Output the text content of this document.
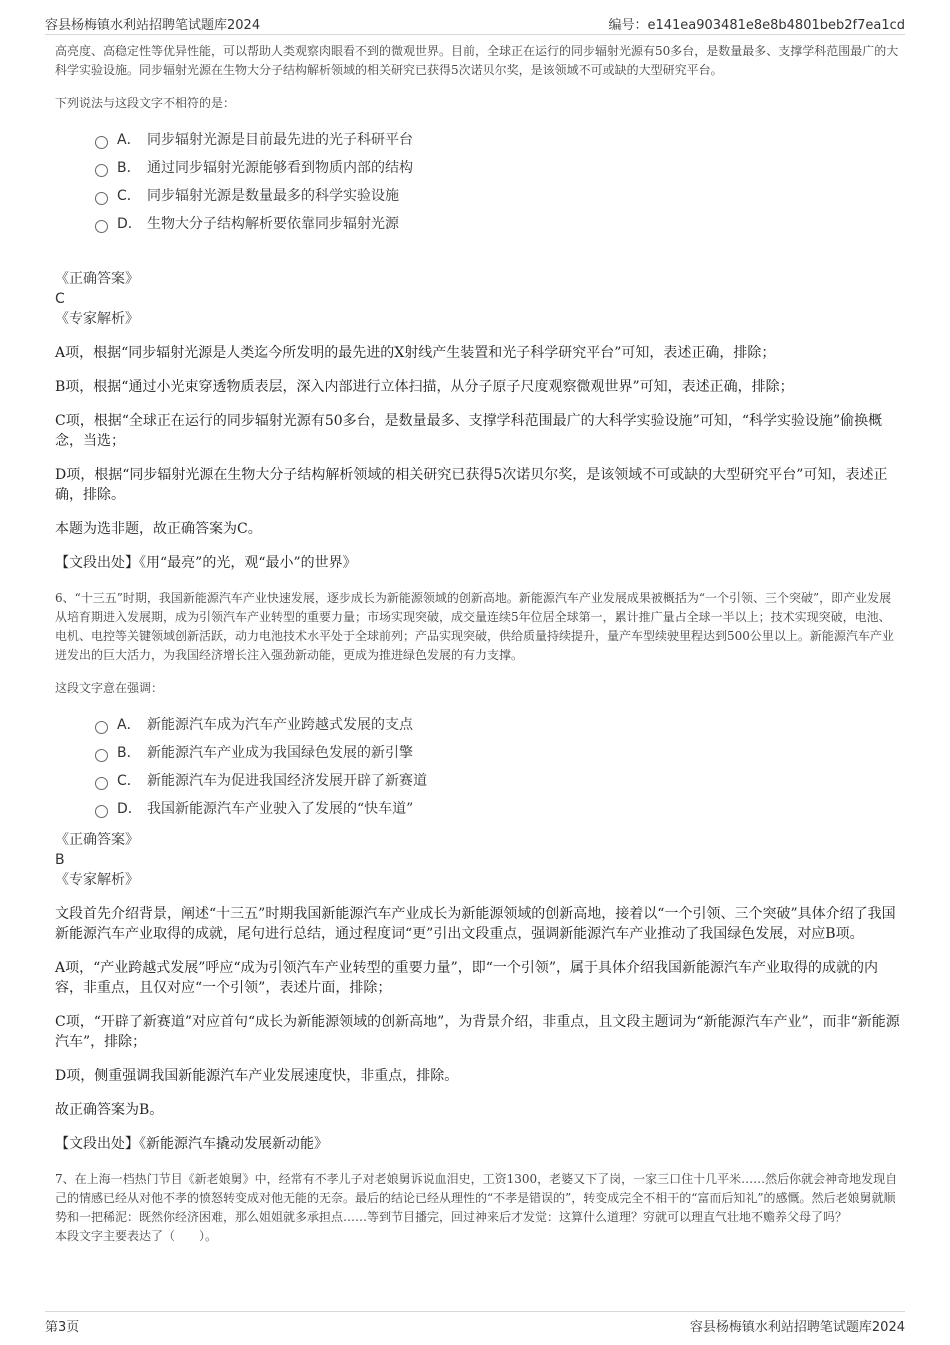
容县杨梅镇水利站招聘笔试题库2024	编号：e141ea903481e8e8b4801beb2f7ea1cd

高亮度、高稳定性等优异性能，可以帮助人类观察肉眼看不到的微观世界。目前，全球正在运行的同步辐射光源有50多台，是数量最多、支撑学科范围最广的大科学实验设施。同步辐射光源在生物大分子结构解析领域的相关研究已获得5次诺贝尔奖，是该领域不可或缺的大型研究平台。

下列说法与这段文字不相符的是：

A． 同步辐射光源是目前最先进的光子科研平台
B． 通过同步辐射光源能够看到物质内部的结构
C． 同步辐射光源是数量最多的科学实验设施
D． 生物大分子结构解析要依靠同步辐射光源

《正确答案》

C

《专家解析》

A项，根据“同步辐射光源是人类迄今所发明的最先进的X射线产生装置和光子科学研究平台”可知，表述正确，排除；

B项，根据“通过小光束穿透物质表层，深入内部进行立体扫描，从分子原子尺度观察微观世界”可知，表述正确，排除；

C项，根据“全球正在运行的同步辐射光源有50多台，是数量最多、支撑学科范围最广的大科学实验设施”可知，“科学实验设施”偷换概念，当选；

D项，根据“同步辐射光源在生物大分子结构解析领域的相关研究已获得5次诺贝尔奖，是该领域不可或缺的大型研究平台”可知，表述正确，排除。

本题为选非题，故正确答案为C。

【文段出处】《用“最亮”的光，观“最小”的世界》

6、“十三五”时期，我国新能源汽车产业快速发展，逐步成长为新能源领域的创新高地。新能源汽车产业发展成果被概括为“一个引领、三个突破”，即产业发展从培育期进入发展期，成为引领汽车产业转型的重要力量；市场实现突破，成交量连续5年位居全球第一，累计推广量占全球一半以上；技术实现突破，电池、电机、电控等关键领域创新活跃，动力电池技术水平处于全球前列；产品实现突破，供给质量持续提升，量产车型续驶里程达到500公里以上。新能源汽车产业迸发出的巨大活力，为我国经济增长注入强劲新动能，更成为推进绿色发展的有力支撑。

这段文字意在强调：

A． 新能源汽车成为汽车产业跨越式发展的支点
B． 新能源汽车产业成为我国绿色发展的新引擎
C． 新能源汽车为促进我国经济发展开辟了新赛道
D． 我国新能源汽车产业驶入了发展的“快车道”

《正确答案》

B

《专家解析》

文段首先介绍背景，阐述“十三五”时期我国新能源汽车产业成长为新能源领域的创新高地，接着以“一个引领、三个突破”具体介绍了我国新能源汽车产业取得的成就，尾句进行总结，通过程度词“更”引出文段重点，强调新能源汽车产业推动了我国绿色发展，对应B项。

A项，“产业跨越式发展”呼应“成为引领汽车产业转型的重要力量”，即“一个引领”，属于具体介绍我国新能源汽车产业取得的成就的内容，非重点，且仅对应“一个引领”，表述片面，排除；

C项，“开辟了新赛道”对应首句“成长为新能源领域的创新高地”，为背景介绍，非重点，且文段主题词为“新能源汽车产业”，而非“新能源汽车”，排除；

D项，侧重强调我国新能源汽车产业发展速度快，非重点，排除。

故正确答案为B。

【文段出处】《新能源汽车撬动发展新动能》

7、在上海一档热门节目《新老娘舅》中，经常有不孝儿子对老娘舅诉说血泪史，工资1300，老婆又下了岗，一家三口住十几平米……然后你就会神奇地发现自己的情感已经从对他不孝的愤怒转变成对他无能的无奈。最后的结论已经从理性的“不孝是错误的”，转变成完全不相干的“富而后知礼”的感慨。然后老娘舅就顺势和一把稀泥：既然你经济困难，那么姐姐就多承担点……等到节目播完，回过神来后才发觉：这算什么道理？穷就可以理直气壮地不赡养父母了吗？

本段文字主要表达了（　　）。

第3页	容县杨梅镇水利站招聘笔试题库2024
